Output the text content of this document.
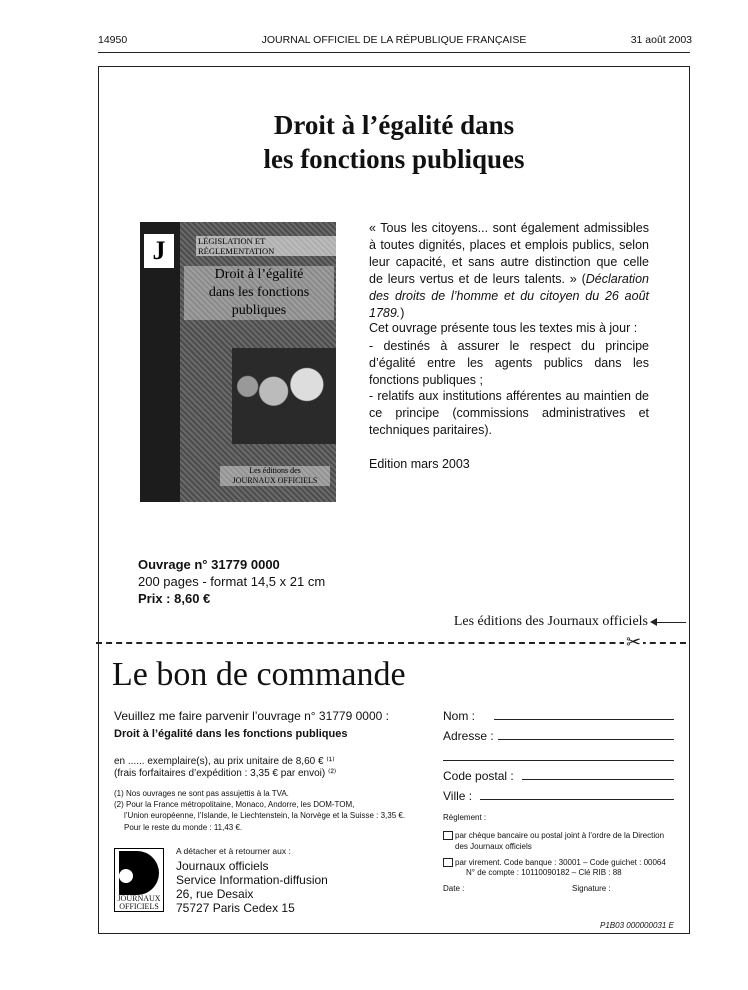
14950	JOURNAL OFFICIEL DE LA RÉPUBLIQUE FRANÇAISE	31 août 2003
Droit à l’égalité dans
les fonctions publiques
J	LÉGISLATION ET RÉGLEMENTATION
Droit à l’égalité
dans les fonctions
publiques
Les éditions des
JOURNAUX OFFICIELS
« Tous les citoyens... sont également admissibles à toutes dignités, places et emplois publics, selon leur capacité, et sans autre distinction que celle de leurs vertus et de leurs talents. » (Déclaration des droits de l’homme et du citoyen du 26 août 1789.)
Cet ouvrage présente tous les textes mis à jour :
- destinés à assurer le respect du principe d’égalité entre les agents publics dans les fonctions publiques ;
- relatifs aux institutions afférentes au maintien de ce principe (commissions administratives et techniques paritaires).
Edition mars 2003
Ouvrage n° 31779 0000
200 pages - format 14,5 x 21 cm
Prix : 8,60 €
Les éditions des Journaux officiels
✂
Le bon de commande
Veuillez me faire parvenir l’ouvrage n° 31779 0000 :
Droit à l’égalité dans les fonctions publiques
en ...... exemplaire(s), au prix unitaire de 8,60 € ⁽¹⁾
(frais forfaitaires d’expédition : 3,35 € par envoi) ⁽²⁾
(1) Nos ouvrages ne sont pas assujettis à la TVA.
(2) Pour la France métropolitaine, Monaco, Andorre, les DOM-TOM,
l’Union européenne, l’Islande, le Liechtenstein, la Norvège et la Suisse : 3,35 €.
Pour le reste du monde : 11,43 €.
JOURNAUX
OFFICIELS
A détacher et à retourner aux :
Journaux officiels
Service Information-diffusion
26, rue Desaix
75727 Paris Cedex 15
Nom :
Adresse :
Code postal :
Ville :
Règlement :
par chèque bancaire ou postal joint à l’ordre de la Direction des Journaux officiels
par virement. Code banque : 30001 – Code guichet : 00064
N° de compte : 10110090182 – Clé RIB : 88
Date :	Signature :
P1B03 000000031 E
